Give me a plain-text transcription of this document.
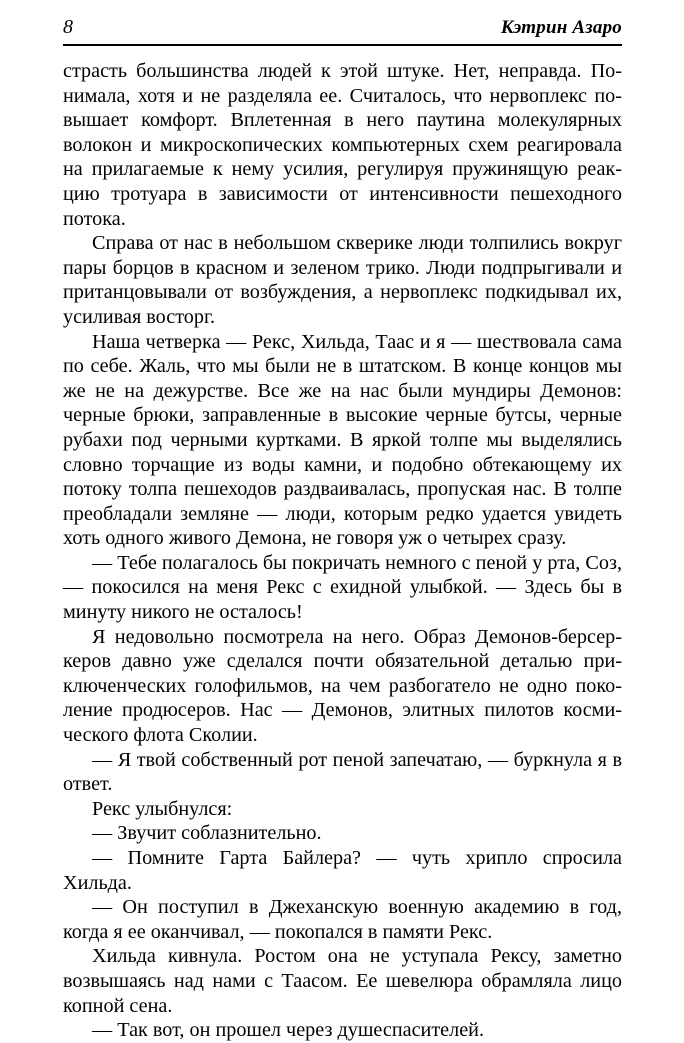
8	Кэтрин Азаро

страсть большинства людей к этой штуке. Нет, неправда. Понимала, хотя и не разделяла ее. Считалось, что нервоплекс повышает комфорт. Вплетенная в него паутина молекулярных волокон и микроскопических компьютерных схем реагировала на прилагаемые к нему усилия, регулируя пружинящую реакцию тротуара в зависимости от интенсивности пешеходного потока.

Справа от нас в небольшом скверике люди толпились вокруг пары борцов в красном и зеленом трико. Люди подпрыгивали и пританцовывали от возбуждения, а нервоплекс подкидывал их, усиливая восторг.

Наша четверка — Рекс, Хильда, Таас и я — шествовала сама по себе. Жаль, что мы были не в штатском. В конце концов мы же не на дежурстве. Все же на нас были мундиры Демонов: черные брюки, заправленные в высокие черные бутсы, черные рубахи под черными куртками. В яркой толпе мы выделялись словно торчащие из воды камни, и подобно обтекающему их потоку толпа пешеходов раздваивалась, пропуская нас. В толпе преобладали земляне — люди, которым редко удается увидеть хоть одного живого Демона, не говоря уж о четырех сразу.

— Тебе полагалось бы покричать немного с пеной у рта, Соз, — покосился на меня Рекс с ехидной улыбкой. — Здесь бы в минуту никого не осталось!

Я недовольно посмотрела на него. Образ Демонов-берсеркеров давно уже сделался почти обязательной деталью приключенческих голофильмов, на чем разбогатело не одно поколение продюсеров. Нас — Демонов, элитных пилотов космического флота Сколии.

— Я твой собственный рот пеной запечатаю, — буркнула я в ответ.

Рекс улыбнулся:

— Звучит соблазнительно.

— Помните Гарта Байлера? — чуть хрипло спросила Хильда.

— Он поступил в Джеханскую военную академию в год, когда я ее оканчивал, — покопался в памяти Рекс.

Хильда кивнула. Ростом она не уступала Рексу, заметно возвышаясь над нами с Таасом. Ее шевелюра обрамляла лицо копной сена.

— Так вот, он прошел через душеспасителей.
